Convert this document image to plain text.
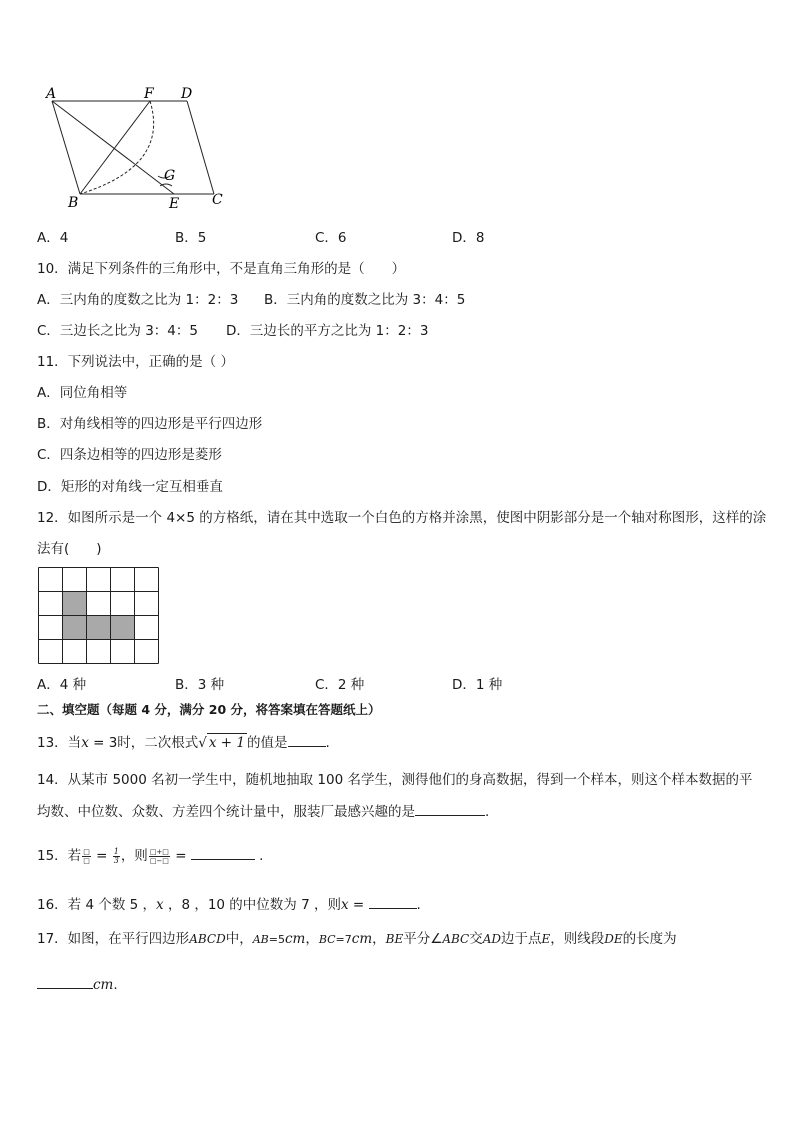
A	F D
G
B	E C
A．4	B．5	C．6	D．8
10．满足下列条件的三角形中，不是直角三角形的是（　　）
A．三内角的度数之比为 1：2：3 B．三内角的度数之比为 3：4：5
C．三边长之比为 3：4：5 D．三边长的平方之比为 1：2：3
11．下列说法中，正确的是（ ）
A．同位角相等
B．对角线相等的四边形是平行四边形
C．四条边相等的四边形是菱形
D．矩形的对角线一定互相垂直
12．如图所示是一个 4×5 的方格纸，请在其中选取一个白色的方格并涂黑，使图中阴影部分是一个轴对称图形，这样的涂
法有(　　)
A．4 种	B．3 种	C．2 种	D．1 种
二、填空题（每题 4 分，满分 20 分，将答案填在答题纸上）
13．当x = 3时，二次根式√ x + 1 的值是	.
14．从某市 5000 名初一学生中，随机地抽取 100 名学生，测得他们的身高数据，得到一个样本，则这个样本数据的平
均数、中位数、众数、方差四个统计量中，服装厂最感兴趣的是	.
15．若 $\frac{□}{□} = \frac{1}{3}$ ，则 $\frac{□+□}{□-□}$ =	.
16．若 4 个数 5 ，x ，8 ，10 的中位数为 7 ，则x =	.
17．如图，在平行四边形ABCD中，AB=5cm，BC=7cm，BE平分∠ABC交AD边于点E，则线段DE的长度为
cm.
